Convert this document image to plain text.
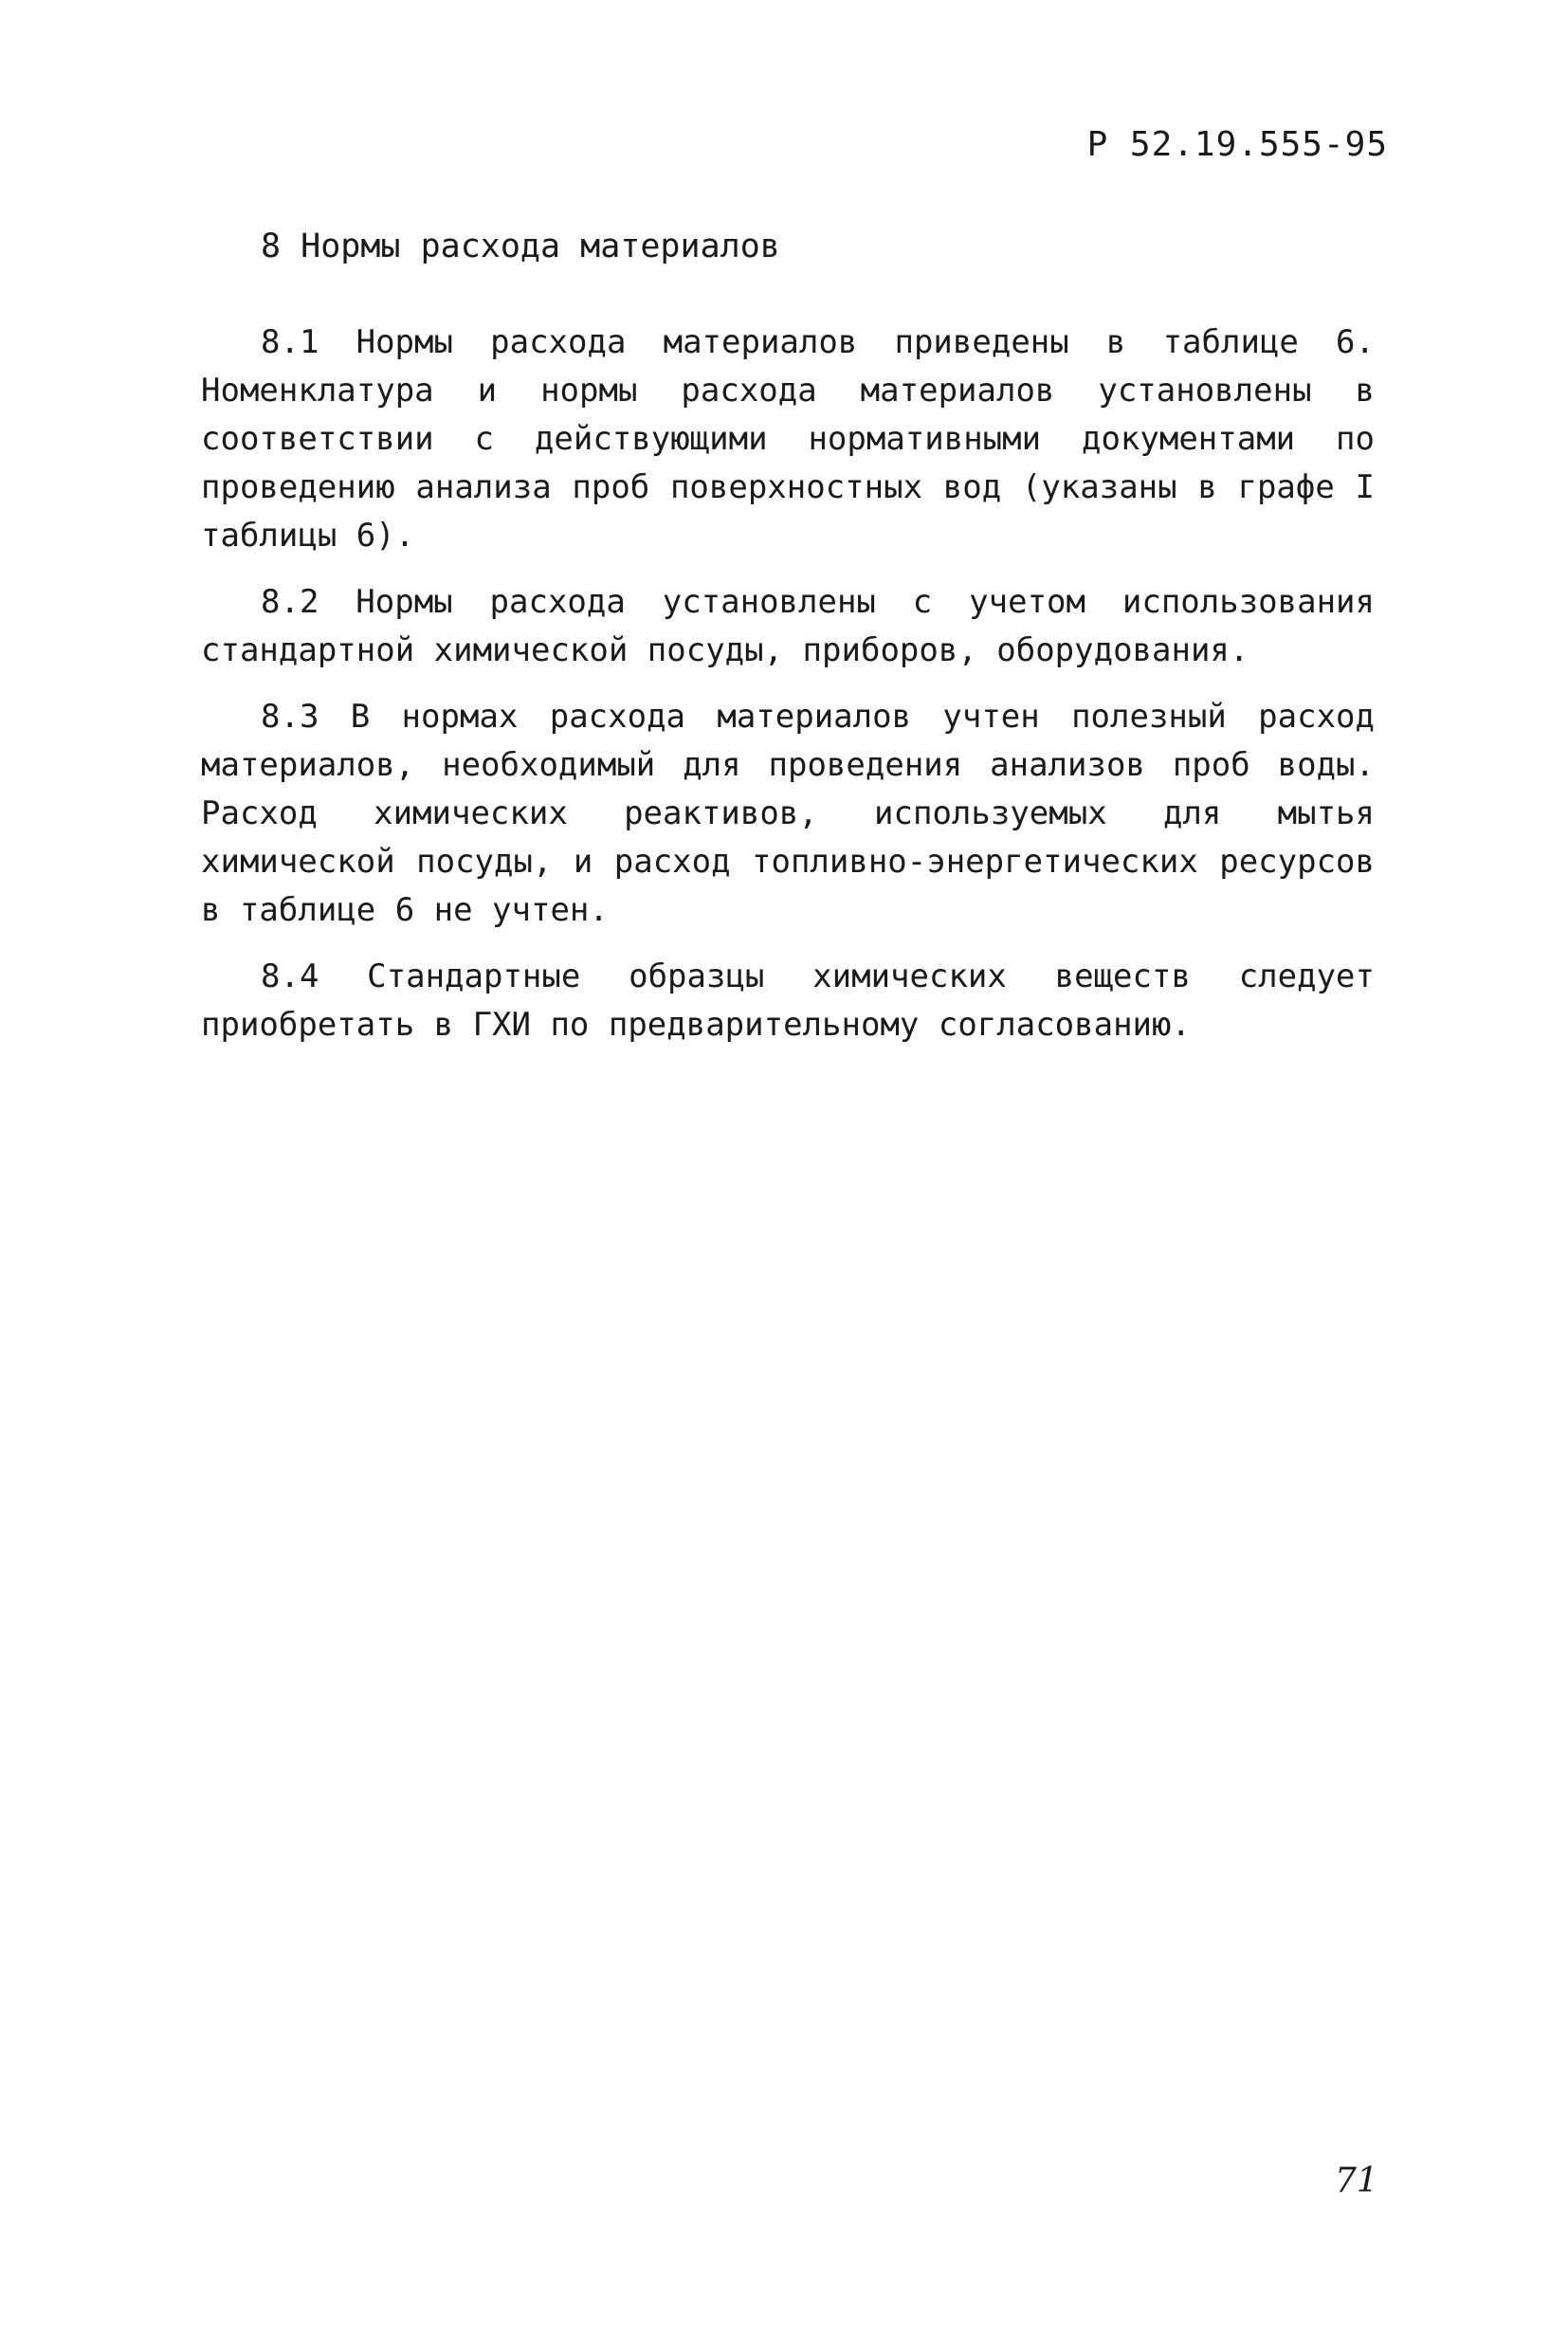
Р 52.19.555-95
8 Нормы расхода материалов

8.1 Нормы расхода материалов приведены в таблице 6. Номенклатура и нормы расхода материалов установлены в соответствии с действующими нормативными документами по проведению анализа проб поверхностных вод (указаны в графе I таблицы 6).

8.2 Нормы расхода установлены с учетом использования стандартной химической посуды, приборов, оборудования.

8.3 В нормах расхода материалов учтен полезный расход материалов, необходимый для проведения анализов проб воды. Расход химических реактивов, используемых для мытья химической посуды, и расход топливно-энергетических ресурсов в таблице 6 не учтен.

8.4 Стандартные образцы химических веществ следует приобретать в ГХИ по предварительному согласованию.

71
